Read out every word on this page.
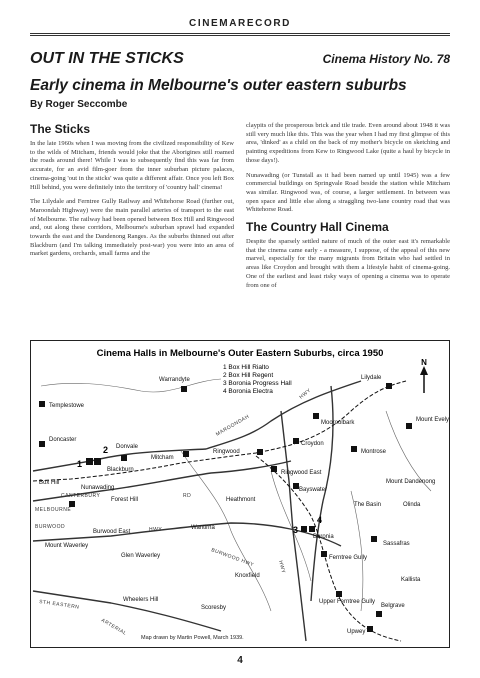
CINEMARECORD
OUT IN THE STICKS	Cinema History No. 78
Early cinema in Melbourne's outer eastern suburbs
By Roger Seccombe
The Sticks
In the late 1960s when I was moving from the civilized responsibility of Kew to the wilds of Mitcham, friends would joke that the Aborigines still roamed the roads around there! While I was to subsequently find this was far from accurate, for an avid film-goer from the inner suburban picture palaces, cinema-going 'out in the sticks' was quite a different affair. Once you left Box Hill behind, you were definitely into the territory of 'country hall' cinema!
The Lilydale and Ferntree Gully Railway and Whitehorse Road (further out, Maroondah Highway) were the main parallel arteries of transport to the east of Melbourne. The railway had been opened between Box Hill and Ringwood and, out along these corridors, Melbourne's suburban sprawl had expanded towards the east and the Dandenong Ranges. As the suburbs thinned out after Blackburn (and I'm talking immediately post-war) you were into an area of market gardens, orchards, small farms and the
claypits of the prosperous brick and tile trade. Even around about 1948 it was still very much like this. This was the year when I had my first glimpse of this area, 'dinked' as a child on the back of my mother's bicycle on sketching and painting expeditions from Kew to Ringwood Lake (quite a haul by bicycle in those days!).
Nunawading (or Tunstall as it had been named up until 1945) was a few commercial buildings on Springvale Road beside the station while Mitcham was similar. Ringwood was, of course, a larger settlement. In between was open space and little else along a straggling two-lane country road that was Whitehorse Road.
The Country Hall Cinema
Despite the sparsely settled nature of much of the outer east it's remarkable that the cinema came early - a measure, I suppose, of the appeal of this new marvel, especially for the many migrants from Britain who had settled in areas like Croydon and brought with them a lifestyle habit of cinema-going. One of the earliest and least risky ways of opening a cinema was to operate from one of
Cinema Halls in Melbourne's Outer Eastern Suburbs, circa 1950
1 Box Hill Rialto
2 Box Hill Regent
3 Boronia Progress Hall
4 Boronia Electra
N
1
2
3
4
Warrandyte
Templestowe
Lilydale
Doncaster
Mooroolbark	Mount Evelyn
Donvale	Croydon
Montrose
Mitcham
Ringwood
Ringwood East
Blackburn
Box Hill
Nunawading
Mount Dandenong
Heathmont
Forest Hill
Bayswater
The Basin	Olinda
Burwood East
Wantirna
Boronia
Sassafras
Mount Waverley
Glen Waverley	Ferntree Gully
Knoxfield
Kallista
Upper Ferntree Gully
Wheelers Hill
Scoresby	Belgrave
Upwey
MAROONDAH
CANTERBURY
MELBOURNE
BURWOOD
BURWOOD HWY
HWY
HWY
STH EASTERN
ARTERIAL
RD
HWY
Map drawn by Martin Powell, March 1939.
4
